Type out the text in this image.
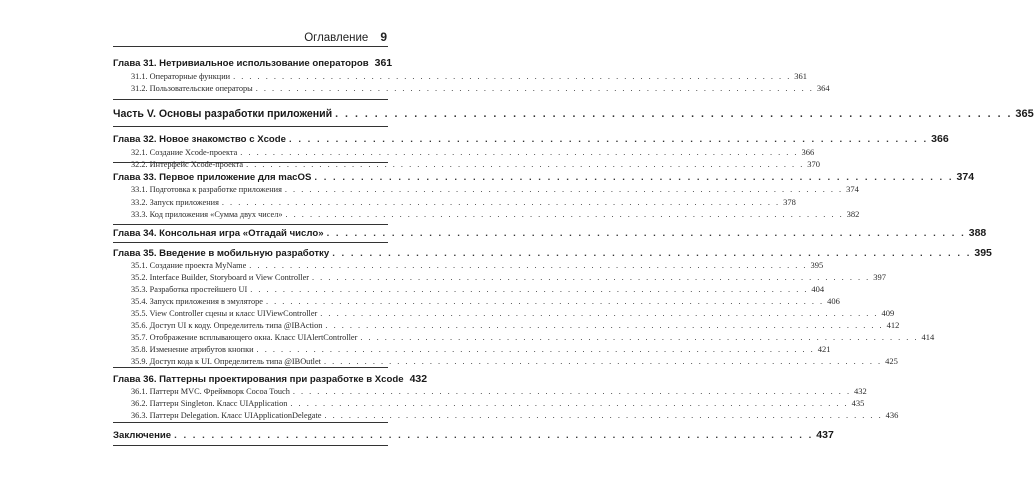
Оглавление 9
Глава 31. Нетривиальное использование операторов 361
31.1. Операторные функции . . . . . . . . . . . . . . . . . . . . . . . . . . . . . . . . . . . . . . . . . . . . . . . . . . . . . . . . . . . . . . . . . . . . . 361
31.2. Пользовательские операторы . . . . . . . . . . . . . . . . . . . . . . . . . . . . . . . . . . . . . . . . . . . . . . . . . . . . . . . . . . . . . . . . . . . . . 364
Часть V. Основы разработки приложений . . . . . . . . . . . . . . . . . . . . . . . . . . . . . . . . . . . . . . . . . . . . . . . . . . . . . . . . . . . . . . . . . . . . . 365
Глава 32. Новое знакомство с Xcode . . . . . . . . . . . . . . . . . . . . . . . . . . . . . . . . . . . . . . . . . . . . . . . . . . . . . . . . . . . . . . . . . . . . . 366
32.1. Создание Xcode-проекта . . . . . . . . . . . . . . . . . . . . . . . . . . . . . . . . . . . . . . . . . . . . . . . . . . . . . . . . . . . . . . . . . . . . . 366
32.2. Интерфейс Xcode-проекта . . . . . . . . . . . . . . . . . . . . . . . . . . . . . . . . . . . . . . . . . . . . . . . . . . . . . . . . . . . . . . . . . . . . . 370
Глава 33. Первое приложение для macOS . . . . . . . . . . . . . . . . . . . . . . . . . . . . . . . . . . . . . . . . . . . . . . . . . . . . . . . . . . . . . . . . . . . . . 374
33.1. Подготовка к разработке приложения . . . . . . . . . . . . . . . . . . . . . . . . . . . . . . . . . . . . . . . . . . . . . . . . . . . . . . . . . . . . . . . . . . . . . 374
33.2. Запуск приложения . . . . . . . . . . . . . . . . . . . . . . . . . . . . . . . . . . . . . . . . . . . . . . . . . . . . . . . . . . . . . . . . . . . . . 378
33.3. Код приложения «Сумма двух чисел» . . . . . . . . . . . . . . . . . . . . . . . . . . . . . . . . . . . . . . . . . . . . . . . . . . . . . . . . . . . . . . . . . . . . . 382
Глава 34. Консольная игра «Отгадай число» . . . . . . . . . . . . . . . . . . . . . . . . . . . . . . . . . . . . . . . . . . . . . . . . . . . . . . . . . . . . . . . . . . . . . 388
Глава 35. Введение в мобильную разработку . . . . . . . . . . . . . . . . . . . . . . . . . . . . . . . . . . . . . . . . . . . . . . . . . . . . . . . . . . . . . . . . . . . . . 395
35.1. Создание проекта MyName . . . . . . . . . . . . . . . . . . . . . . . . . . . . . . . . . . . . . . . . . . . . . . . . . . . . . . . . . . . . . . . . . . . . . 395
35.2. Interface Builder, Storyboard и View Controller . . . . . . . . . . . . . . . . . . . . . . . . . . . . . . . . . . . . . . . . . . . . . . . . . . . . . . . . . . . . . . . . . . . . . 397
35.3. Разработка простейшего UI . . . . . . . . . . . . . . . . . . . . . . . . . . . . . . . . . . . . . . . . . . . . . . . . . . . . . . . . . . . . . . . . . . . . . 404
35.4. Запуск приложения в эмуляторе . . . . . . . . . . . . . . . . . . . . . . . . . . . . . . . . . . . . . . . . . . . . . . . . . . . . . . . . . . . . . . . . . . . . . 406
35.5. View Controller сцены и класс UIViewController . . . . . . . . . . . . . . . . . . . . . . . . . . . . . . . . . . . . . . . . . . . . . . . . . . . . . . . . . . . . . . . . . . . . . 409
35.6. Доступ UI к коду. Определитель типа @IBAction . . . . . . . . . . . . . . . . . . . . . . . . . . . . . . . . . . . . . . . . . . . . . . . . . . . . . . . . . . . . . . . . . . . . . 412
35.7. Отображение всплывающего окна. Класс UIAlertController . . . . . . . . . . . . . . . . . . . . . . . . . . . . . . . . . . . . . . . . . . . . . . . . . . . . . . . . . . . . . . . . . . . . . 414
35.8. Изменение атрибутов кнопки . . . . . . . . . . . . . . . . . . . . . . . . . . . . . . . . . . . . . . . . . . . . . . . . . . . . . . . . . . . . . . . . . . . . . 421
35.9. Доступ кода к UI. Определитель типа @IBOutlet . . . . . . . . . . . . . . . . . . . . . . . . . . . . . . . . . . . . . . . . . . . . . . . . . . . . . . . . . . . . . . . . . . . . . 425
Глава 36. Паттерны проектирования при разработке в Xcode 432
36.1. Паттерн MVC. Фреймворк Cocoa Touch . . . . . . . . . . . . . . . . . . . . . . . . . . . . . . . . . . . . . . . . . . . . . . . . . . . . . . . . . . . . . . . . . . . . . 432
36.2. Паттерн Singleton. Класс UIApplication . . . . . . . . . . . . . . . . . . . . . . . . . . . . . . . . . . . . . . . . . . . . . . . . . . . . . . . . . . . . . . . . . . . . . 435
36.3. Паттерн Delegation. Класс UIApplicationDelegate . . . . . . . . . . . . . . . . . . . . . . . . . . . . . . . . . . . . . . . . . . . . . . . . . . . . . . . . . . . . . . . . . . . . . 436
Заключение . . . . . . . . . . . . . . . . . . . . . . . . . . . . . . . . . . . . . . . . . . . . . . . . . . . . . . . . . . . . . . . . . . . . . 437
